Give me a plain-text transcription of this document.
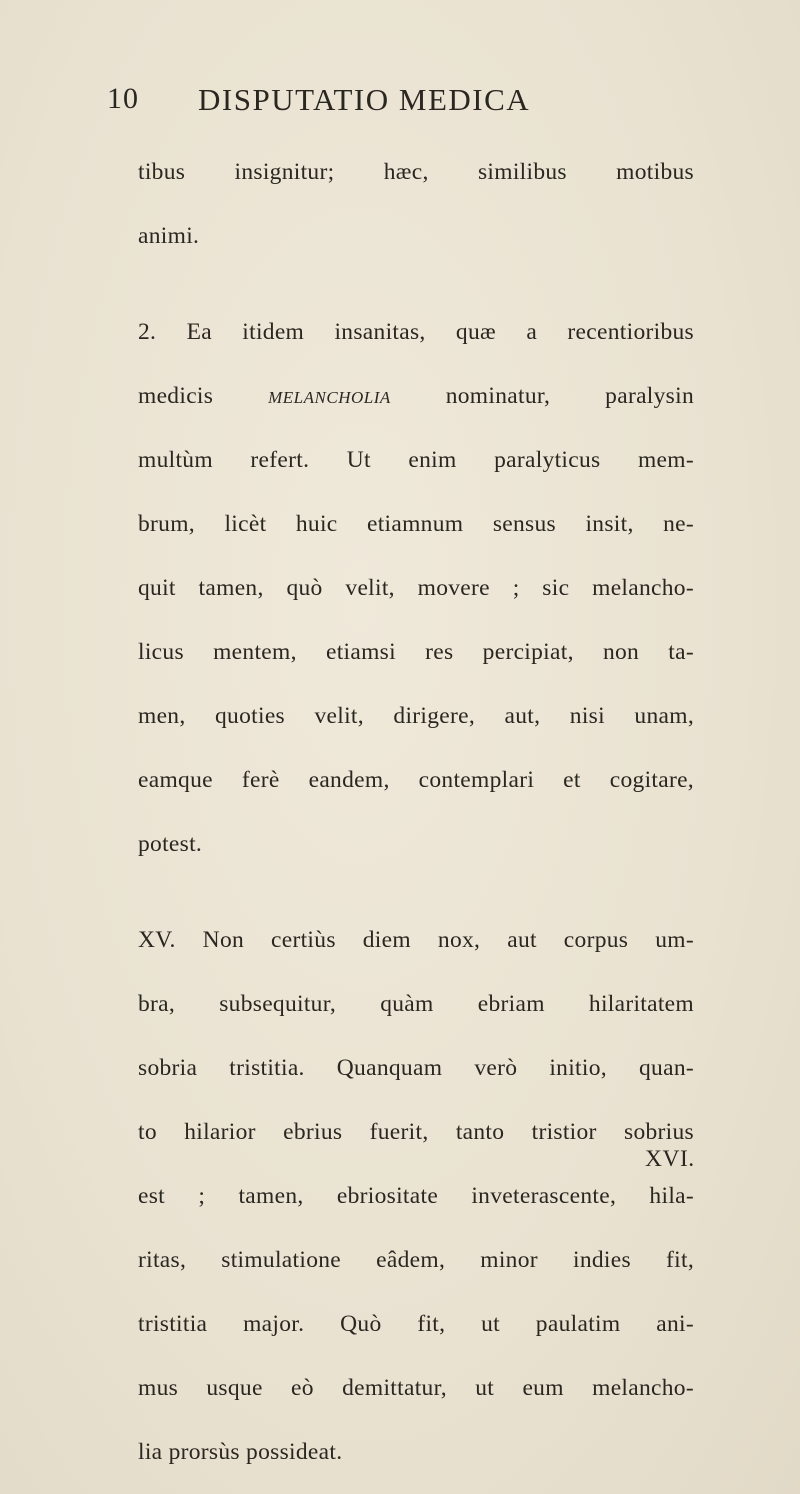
10 DISPUTATIO MEDICA
tibus insignitur; hæc, similibus motibus
animi.
2. Ea itidem insanitas, quæ a recentioribus
medicis MELANCHOLIA nominatur, paralysin
multùm refert. Ut enim paralyticus mem-
brum, licèt huic etiamnum sensus insit, ne-
quit tamen, quò velit, movere ; sic melancho-
licus mentem, etiamsi res percipiat, non ta-
men, quoties velit, dirigere, aut, nisi unam,
eamque ferè eandem, contemplari et cogitare,
potest.
XV. Non certiùs diem nox, aut corpus um-
bra, subsequitur, quàm ebriam hilaritatem
sobria tristitia. Quanquam verò initio, quan-
to hilarior ebrius fuerit, tanto tristior sobrius
est ; tamen, ebriositate inveterascente, hila-
ritas, stimulatione eâdem, minor indies fit,
tristitia major. Quò fit, ut paulatim ani-
mus usque eò demittatur, ut eum melancho-
lia prorsùs possideat.
XVI.
